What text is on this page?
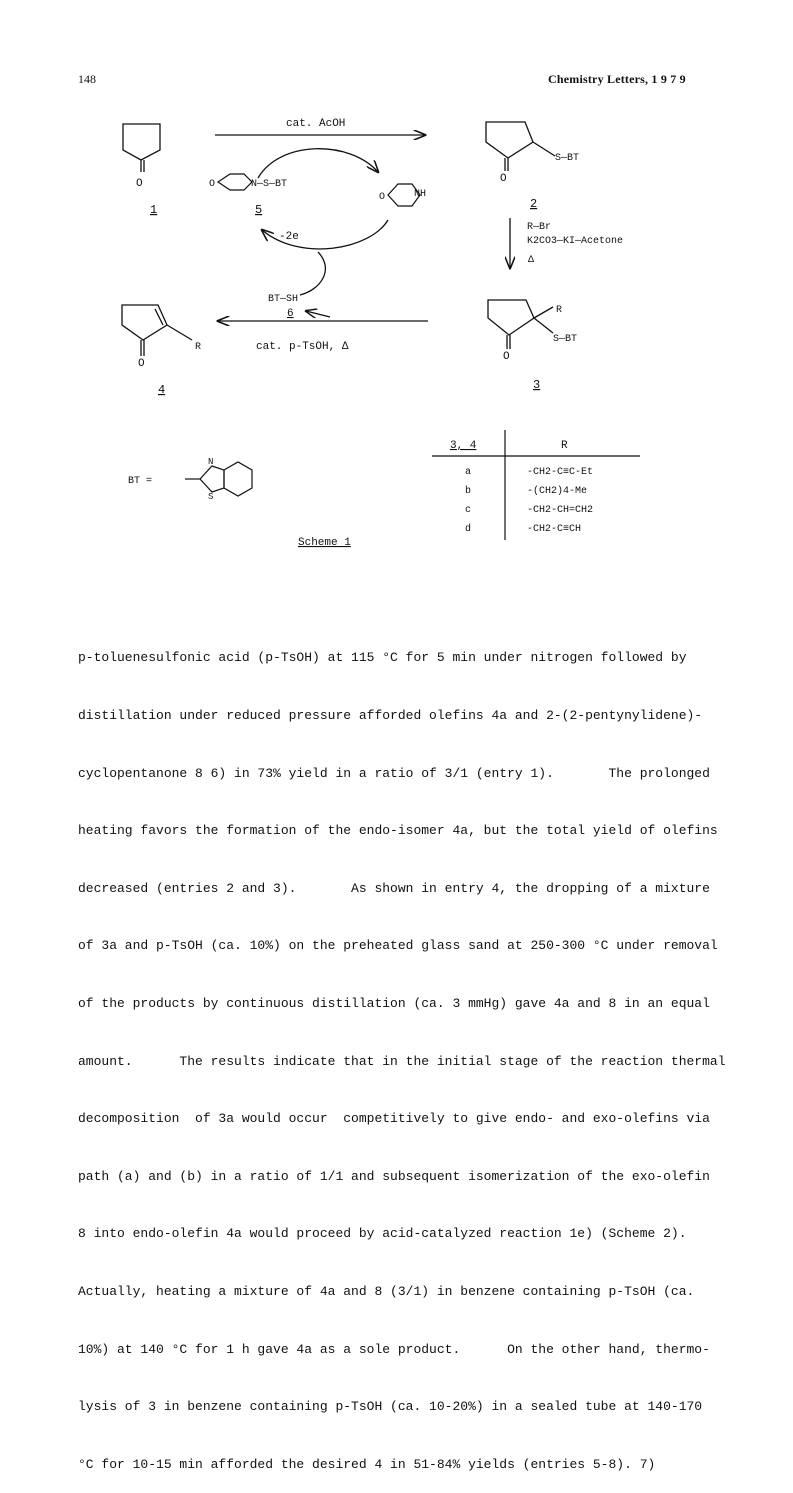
148	Chemistry Letters, 1 9 7 9
O
1
cat. AcOH
-2e
O	N—S—BT
5
O	NH
O
S—BT
2
R—Br
K2CO3—KI—Acetone
Δ
R
S—BT
O
3
BT—SH
6
cat. p-TsOH, Δ
R
O
4
BT =
N
S
Scheme 1
3, 4	R
a	-CH2-C≡C-Et
b	-(CH2)4-Me
c	-CH2-CH=CH2
d	-CH2-C≡CH

p-toluenesulfonic acid (p-TsOH) at 115 °C for 5 min under nitrogen followed by

distillation under reduced pressure afforded olefins 4a and 2-(2-pentynylidene)-

cyclopentanone 8 6) in 73% yield in a ratio of 3/1 (entry 1).       The prolonged

heating favors the formation of the endo-isomer 4a, but the total yield of olefins

decreased (entries 2 and 3).       As shown in entry 4, the dropping of a mixture

of 3a and p-TsOH (ca. 10%) on the preheated glass sand at 250-300 °C under removal

of the products by continuous distillation (ca. 3 mmHg) gave 4a and 8 in an equal

amount.      The results indicate that in the initial stage of the reaction thermal

decomposition  of 3a would occur  competitively to give endo- and exo-olefins via

path (a) and (b) in a ratio of 1/1 and subsequent isomerization of the exo-olefin

8 into endo-olefin 4a would proceed by acid-catalyzed reaction 1e) (Scheme 2).

Actually, heating a mixture of 4a and 8 (3/1) in benzene containing p-TsOH (ca.

10%) at 140 °C for 1 h gave 4a as a sole product.      On the other hand, thermo-

lysis of 3 in benzene containing p-TsOH (ca. 10-20%) in a sealed tube at 140-170

°C for 10-15 min afforded the desired 4 in 51-84% yields (entries 5-8). 7)
